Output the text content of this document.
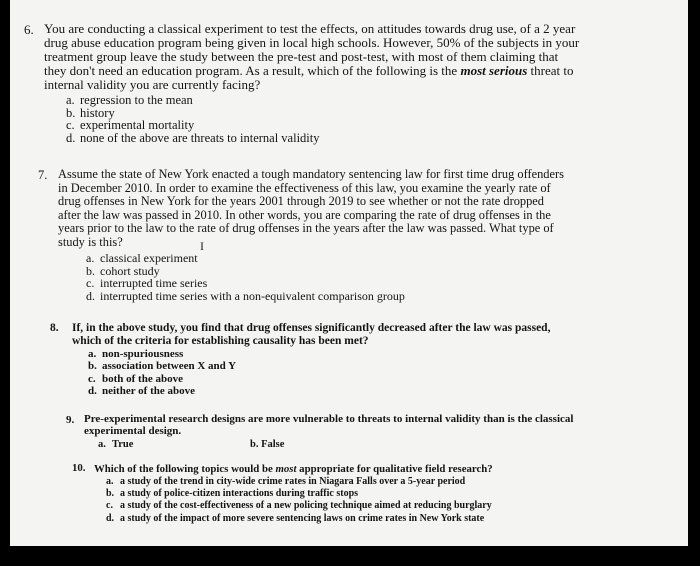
6. You are conducting a classical experiment to test the effects, on attitudes towards drug use, of a 2 year
drug abuse education program being given in local high schools. However, 50% of the subjects in your
treatment group leave the study between the pre-test and post-test, with most of them claiming that
they don't need an education program. As a result, which of the following is the most serious threat to
internal validity you are currently facing?
a. regression to the mean
b. history
c. experimental mortality
d. none of the above are threats to internal validity
7. Assume the state of New York enacted a tough mandatory sentencing law for first time drug offenders
in December 2010. In order to examine the effectiveness of this law, you examine the yearly rate of
drug offenses in New York for the years 2001 through 2019 to see whether or not the rate dropped
after the law was passed in 2010. In other words, you are comparing the rate of drug offenses in the
years prior to the law to the rate of drug offenses in the years after the law was passed. What type of
study is this?
a. classical experiment
b. cohort study
c. interrupted time series
d. interrupted time series with a non-equivalent comparison group
I
8. If, in the above study, you find that drug offenses significantly decreased after the law was passed,
which of the criteria for establishing causality has been met?
a. non-spuriousness
b. association between X and Y
c. both of the above
d. neither of the above
9. Pre-experimental research designs are more vulnerable to threats to internal validity than is the classical
experimental design.
a. True	b. False
10. Which of the following topics would be most appropriate for qualitative field research?
a. a study of the trend in city-wide crime rates in Niagara Falls over a 5-year period
b. a study of police-citizen interactions during traffic stops
c. a study of the cost-effectiveness of a new policing technique aimed at reducing burglary
d. a study of the impact of more severe sentencing laws on crime rates in New York state
